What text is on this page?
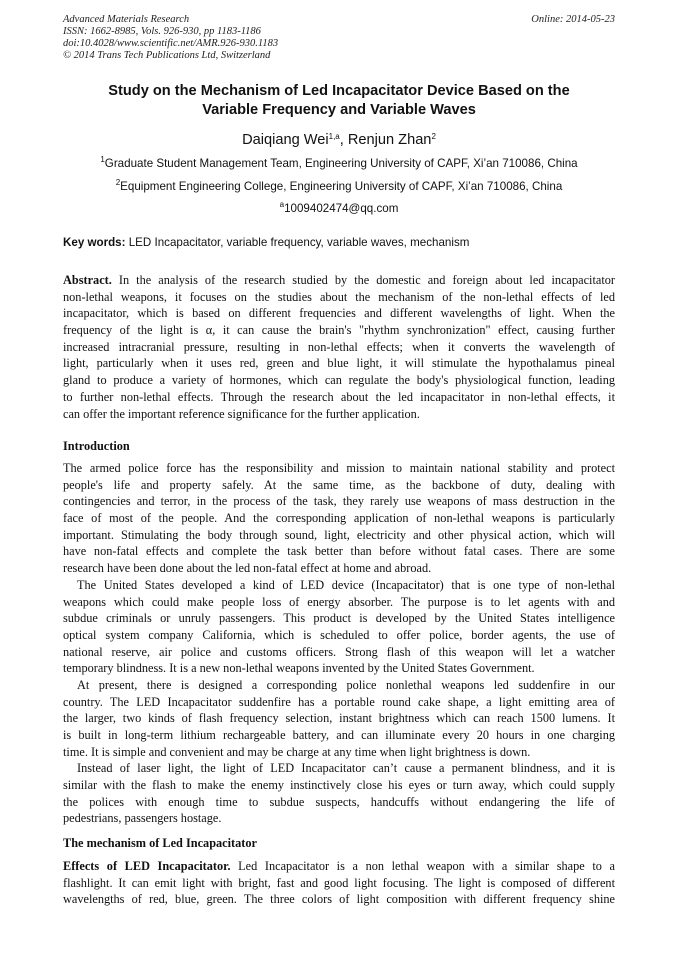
Advanced Materials Research
ISSN: 1662-8985, Vols. 926-930, pp 1183-1186
doi:10.4028/www.scientific.net/AMR.926-930.1183
© 2014 Trans Tech Publications Ltd, Switzerland
Online: 2014-05-23
Study on the Mechanism of Led Incapacitator Device Based on the
Variable Frequency and Variable Waves
Daiqiang Wei$^{1,a}$, Renjun Zhan$^2$
$^1$Graduate Student Management Team, Engineering University of CAPF, Xi’an 710086, China
$^2$Equipment Engineering College, Engineering University of CAPF, Xi’an 710086, China
$^a$1009402474@qq.com
Key words: LED Incapacitator, variable frequency, variable waves, mechanism
Abstract. In the analysis of the research studied by the domestic and foreign about led incapacitator
non-lethal weapons, it focuses on the studies about the mechanism of the non-lethal effects of led
incapacitator, which is based on different frequencies and different wavelengths of light. When the
frequency of the light is α, it can cause the brain's "rhythm synchronization" effect, causing further
increased intracranial pressure, resulting in non-lethal effects; when it converts the wavelength of
light, particularly when it uses red, green and blue light, it will stimulate the hypothalamus pineal
gland to produce a variety of hormones, which can regulate the body's physiological function, leading
to further non-lethal effects. Through the research about the led incapacitator in non-lethal effects, it
can offer the important reference significance for the further application.
Introduction
The armed police force has the responsibility and mission to maintain national stability and protect
people's life and property safely. At the same time, as the backbone of duty, dealing with
contingencies and terror, in the process of the task, they rarely use weapons of mass destruction in the
face of most of the people. And the corresponding application of non-lethal weapons is particularly
important. Stimulating the body through sound, light, electricity and other physical action, which will
have non-fatal effects and complete the task better than before without fatal cases. There are some
research have been done about the led non-fatal effect at home and abroad.
The United States developed a kind of LED device (Incapacitator) that is one type of non-lethal
weapons which could make people loss of energy absorber. The purpose is to let agents with and
subdue criminals or unruly passengers. This product is developed by the United States intelligence
optical system company California, which is scheduled to offer police, border agents, the use of
national reserve, air police and customs officers. Strong flash of this weapon will let a watcher
temporary blindness. It is a new non-lethal weapons invented by the United States Government.
At present, there is designed a corresponding police nonlethal weapons led suddenfire in our
country. The LED Incapacitator suddenfire has a portable round cake shape, a light emitting area of
the larger, two kinds of flash frequency selection, instant brightness which can reach 1500 lumens. It
is built in long-term lithium rechargeable battery, and can illuminate every 20 hours in one charging
time. It is simple and convenient and may be charge at any time when light brightness is down.
Instead of laser light, the light of LED Incapacitator can’t cause a permanent blindness, and it is
similar with the flash to make the enemy instinctively close his eyes or turn away, which could supply
the polices with enough time to subdue suspects, handcuffs without endangering the life of
pedestrians, passengers hostage.
The mechanism of Led Incapacitator
Effects of LED Incapacitator. Led Incapacitator is a non lethal weapon with a similar shape to a
flashlight. It can emit light with bright, fast and good light focusing. The light is composed of different
wavelengths of red, blue, green. The three colors of light composition with different frequency shine
